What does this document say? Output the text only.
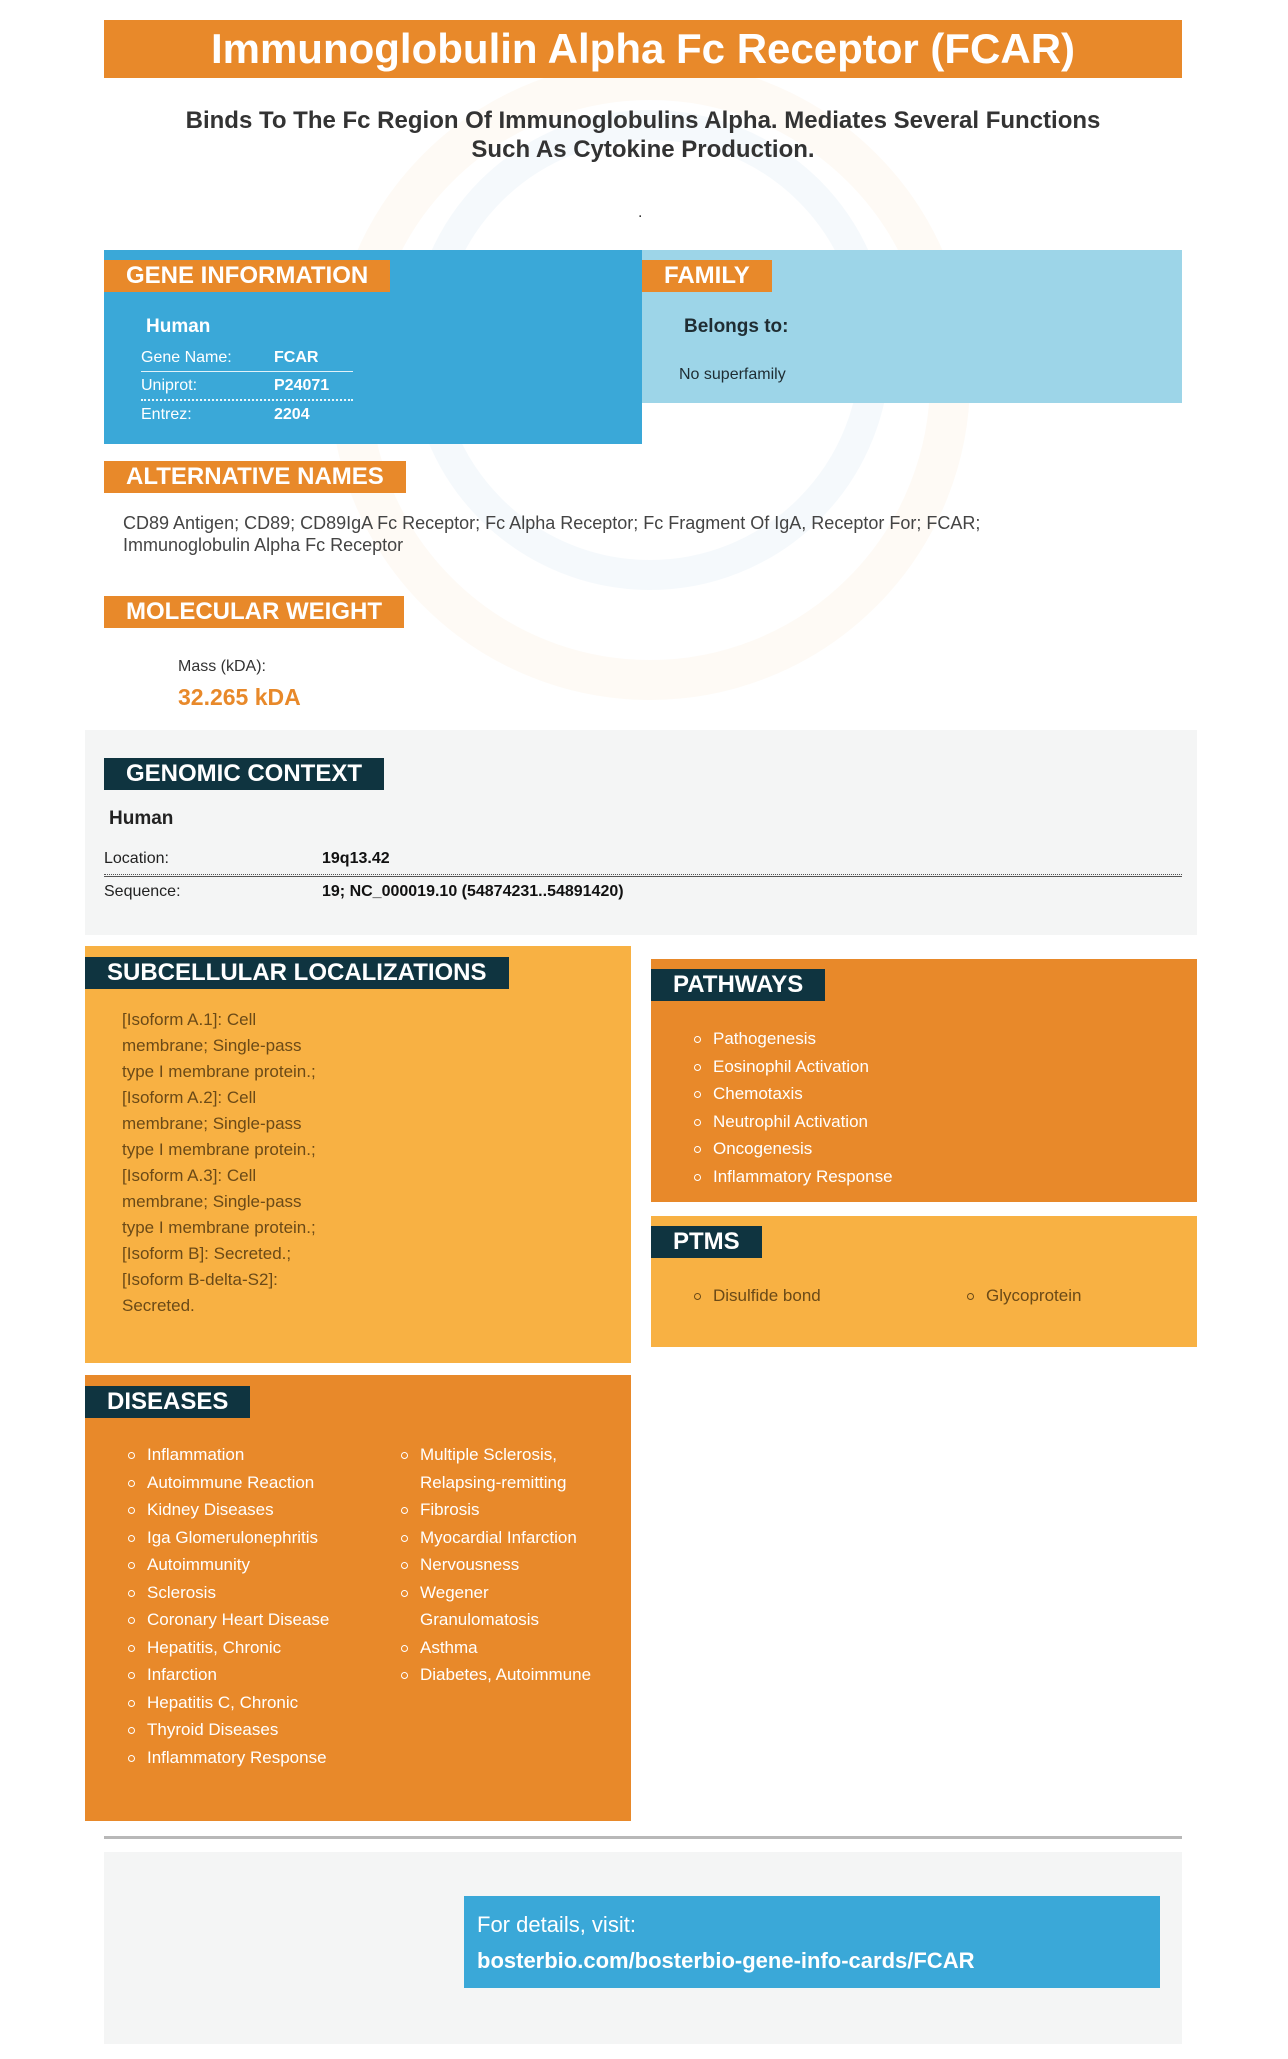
Immunoglobulin Alpha Fc Receptor (FCAR)
Binds To The Fc Region Of Immunoglobulins Alpha. Mediates Several Functions
Such As Cytokine Production.
.
GENE INFORMATION
Human
Gene Name:	FCAR
Uniprot:	P24071
Entrez:	2204
FAMILY
Belongs to:
No superfamily
ALTERNATIVE NAMES
CD89 Antigen; CD89; CD89IgA Fc Receptor; Fc Alpha Receptor; Fc Fragment Of IgA, Receptor For; FCAR;
Immunoglobulin Alpha Fc Receptor
MOLECULAR WEIGHT
Mass (kDA):
32.265 kDA
GENOMIC CONTEXT
Human
Location:	19q13.42
Sequence:	19; NC_000019.10 (54874231..54891420)
SUBCELLULAR LOCALIZATIONS
[Isoform A.1]: Cell
membrane; Single-pass
type I membrane protein.;
[Isoform A.2]: Cell
membrane; Single-pass
type I membrane protein.;
[Isoform A.3]: Cell
membrane; Single-pass
type I membrane protein.;
[Isoform B]: Secreted.;
[Isoform B-delta-S2]:
Secreted.
PATHWAYS
Pathogenesis
Eosinophil Activation
Chemotaxis
Neutrophil Activation
Oncogenesis
Inflammatory Response
PTMS
Disulfide bond	Glycoprotein
DISEASES
Inflammation
Autoimmune Reaction
Kidney Diseases
Iga Glomerulonephritis
Autoimmunity
Sclerosis
Coronary Heart Disease
Hepatitis, Chronic
Infarction
Hepatitis C, Chronic
Thyroid Diseases
Inflammatory Response
Multiple Sclerosis,
Relapsing-remitting
Fibrosis
Myocardial Infarction
Nervousness
Wegener
Granulomatosis
Asthma
Diabetes, Autoimmune
For details, visit:
bosterbio.com/bosterbio-gene-info-cards/FCAR
